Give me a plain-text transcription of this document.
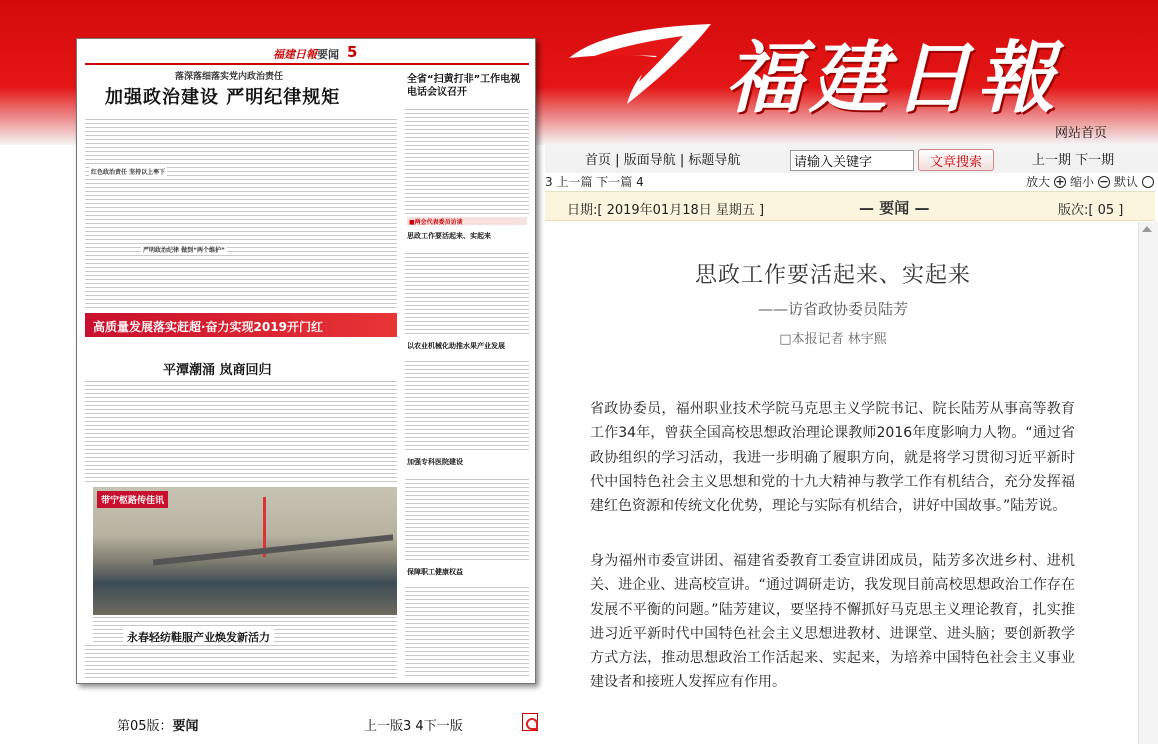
福建日報
网站首页
首页 | 版面导航 | 标题导航
请输入关键字	文章搜索	上一期 下一期
3 上一篇 下一篇 4	放大 + 缩小 − 默认
日期:[ 2019年01月18日 星期五 ]	— 要闻 —	版次:[ 05 ]
思政工作要活起来、实起来
——访省政协委员陆芳
□本报记者 林宇熙

省政协委员，福州职业技术学院马克思主义学院书记、院长陆芳从事高等教育工作34年，曾获全国高校思想政治理论课教师2016年度影响力人物。“通过省政协组织的学习活动，我进一步明确了履职方向，就是将学习贯彻习近平新时代中国特色社会主义思想和党的十九大精神与教学工作有机结合，充分发挥福建红色资源和传统文化优势，理论与实际有机结合，讲好中国故事。”陆芳说。

身为福州市委宣讲团、福建省委教育工委宣讲团成员，陆芳多次进乡村、进机关、进企业、进高校宣讲。“通过调研走访，我发现目前高校思想政治工作存在发展不平衡的问题。”陆芳建议，要坚持不懈抓好马克思主义理论教育，扎实推进习近平新时代中国特色社会主义思想进教材、进课堂、进头脑；要创新教学方式方法，推动思想政治工作活起来、实起来，为培养中国特色社会主义事业建设者和接班人发挥应有作用。

福建日報 要闻 5
落深落细落实党内政治责任
加强政治建设 严明纪律规矩
红色政治责任 坚持以上率下
严明政治纪律 做到“两个维护”
全省“扫黄打非”工作电视电话会议召开
■两会代表委员访谈
思政工作要活起来、实起来
以农业机械化助推水果产业发展
加强专科医院建设
保障职工健康权益
高质量发展落实赶超·奋力实现2019开门红
平潭潮涌 岚商回归
带宁枢路传佳讯
永春轻纺鞋服产业焕发新活力
第05版：要闻	上一版3 4下一版
